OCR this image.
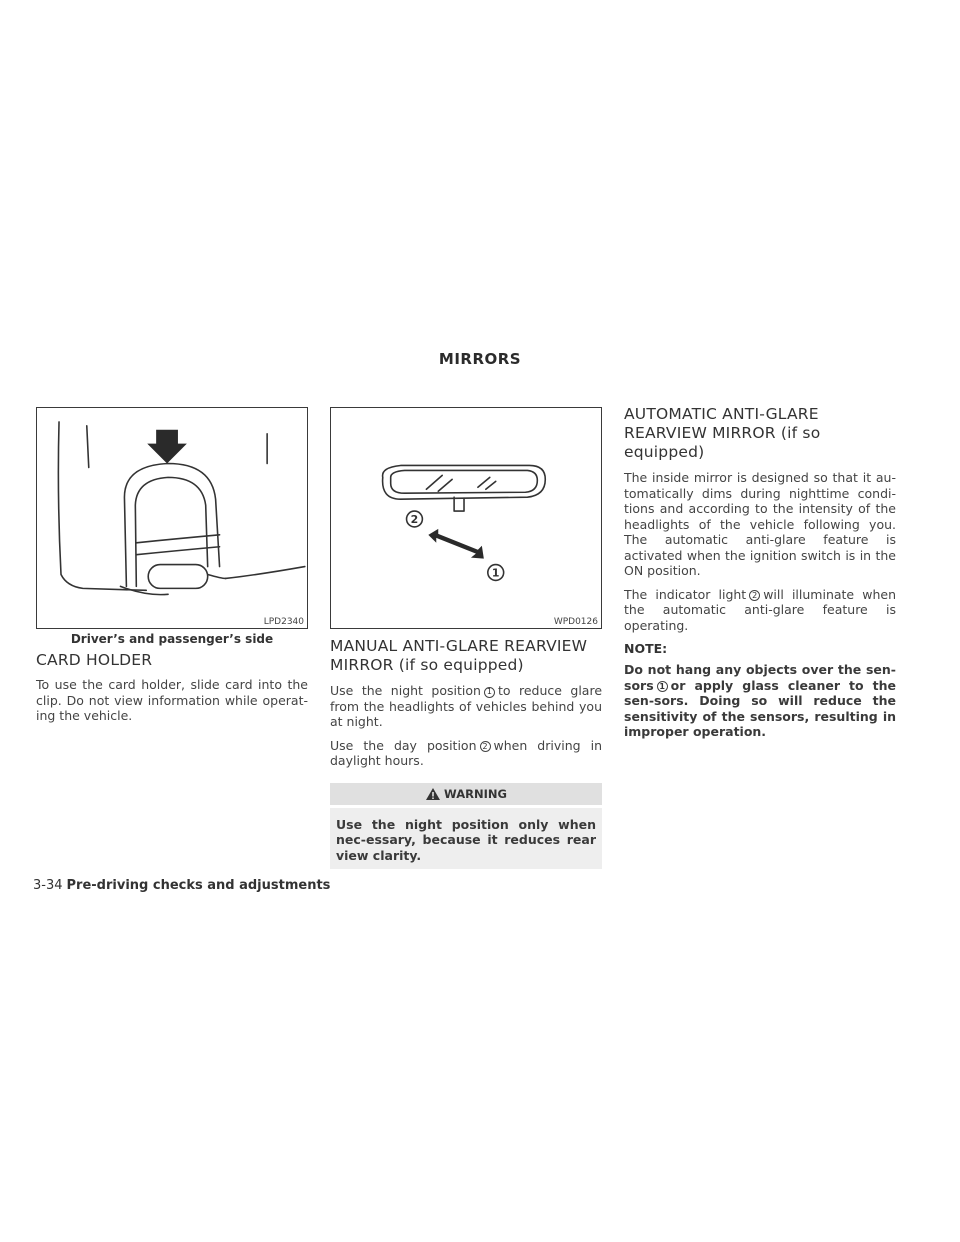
MIRRORS
LPD2340
Driver’s and passenger’s side
CARD HOLDER

To use the card holder, slide card into the clip. Do not view information while operat-ing the vehicle.

2
1
WPD0126
MANUAL ANTI-GLARE REARVIEW
MIRROR (if so equipped)

Use the night position 1 to reduce glare from the headlights of vehicles behind you at night.

Use the day position 2 when driving in daylight hours.

WARNING

Use the night position only when nec-essary, because it reduces rear view clarity.

AUTOMATIC ANTI-GLARE
REARVIEW MIRROR (if so equipped)

The inside mirror is designed so that it au-tomatically dims during nighttime condi-tions and according to the intensity of the headlights of the vehicle following you. The automatic anti-glare feature is activated when the ignition switch is in the ON position.

The indicator light 2 will illuminate when the automatic anti-glare feature is operating.

NOTE:

Do not hang any objects over the sen-sors 1 or apply glass cleaner to the sen-sors. Doing so will reduce the sensitivity of the sensors, resulting in improper operation.

3-34 Pre-driving checks and adjustments
